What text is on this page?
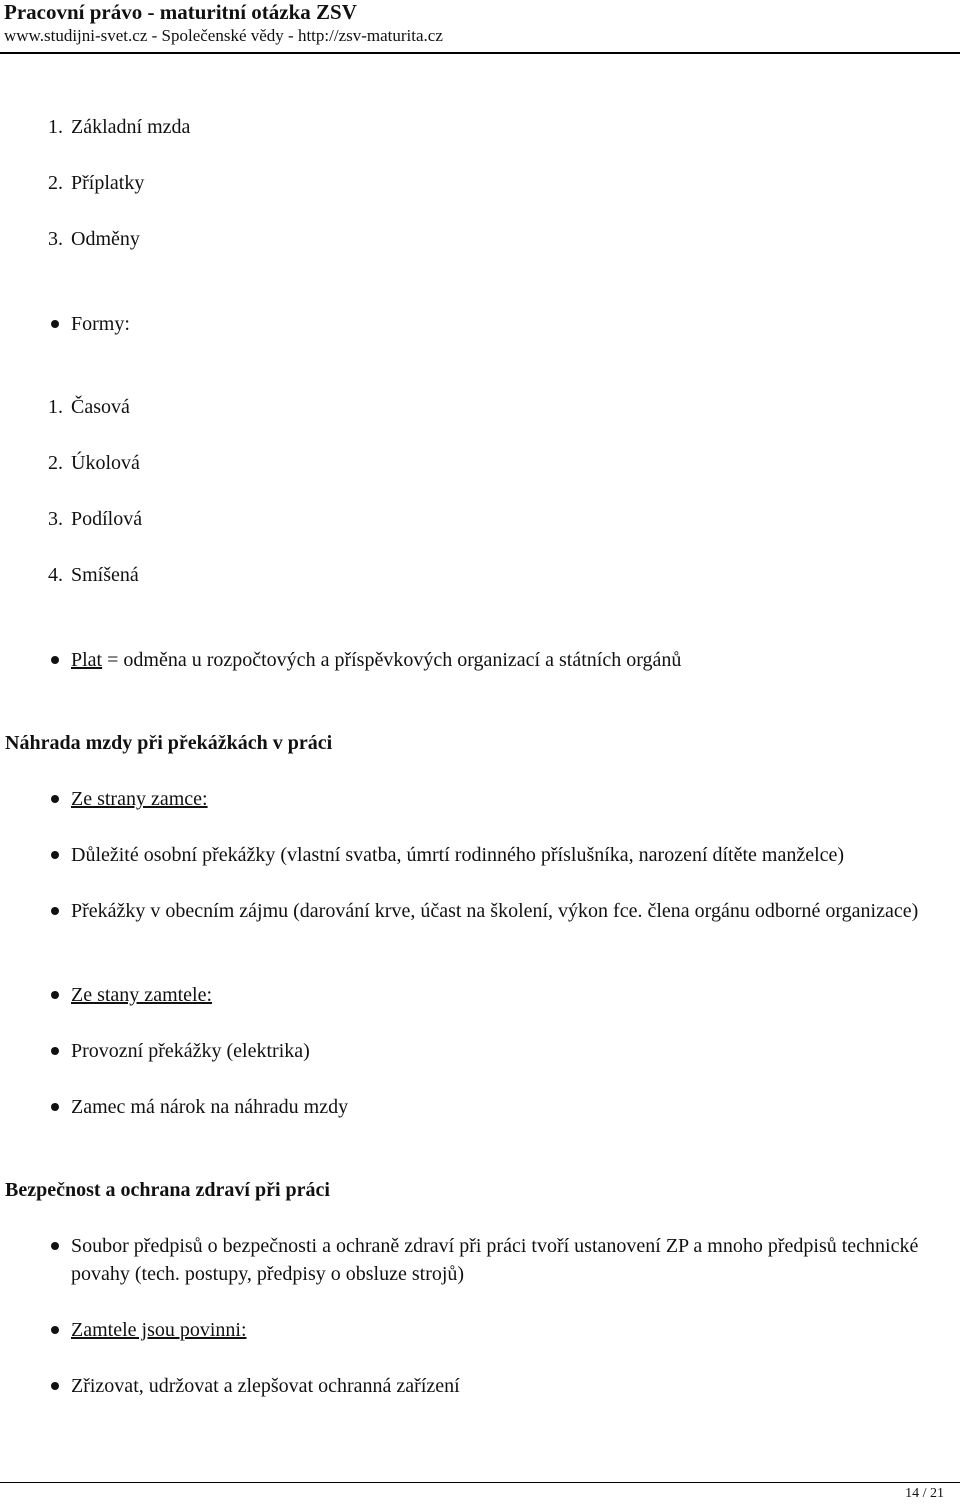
Pracovní právo - maturitní otázka ZSV
www.studijni-svet.cz - Společenské vědy - http://zsv-maturita.cz
1. Základní mzda
2. Příplatky
3. Odměny
Formy:
1. Časová
2. Úkolová
3. Podílová
4. Smíšená
Plat = odměna u rozpočtových a příspěvkových organizací a státních orgánů
Náhrada mzdy při překážkách v práci
Ze strany zamce:
Důležité osobní překážky (vlastní svatba, úmrtí rodinného příslušníka, narození dítěte manželce)
Překážky v obecním zájmu (darování krve, účast na školení, výkon fce. člena orgánu odborné organizace)
Ze stany zamtele:
Provozní překážky (elektrika)
Zamec má nárok na náhradu mzdy
Bezpečnost a ochrana zdraví při práci
Soubor předpisů o bezpečnosti a ochraně zdraví při práci tvoří ustanovení ZP a mnoho předpisů technické povahy (tech. postupy, předpisy o obsluze strojů)
Zamtele jsou povinni:
Zřizovat, udržovat a zlepšovat ochranná zařízení
14 / 21
